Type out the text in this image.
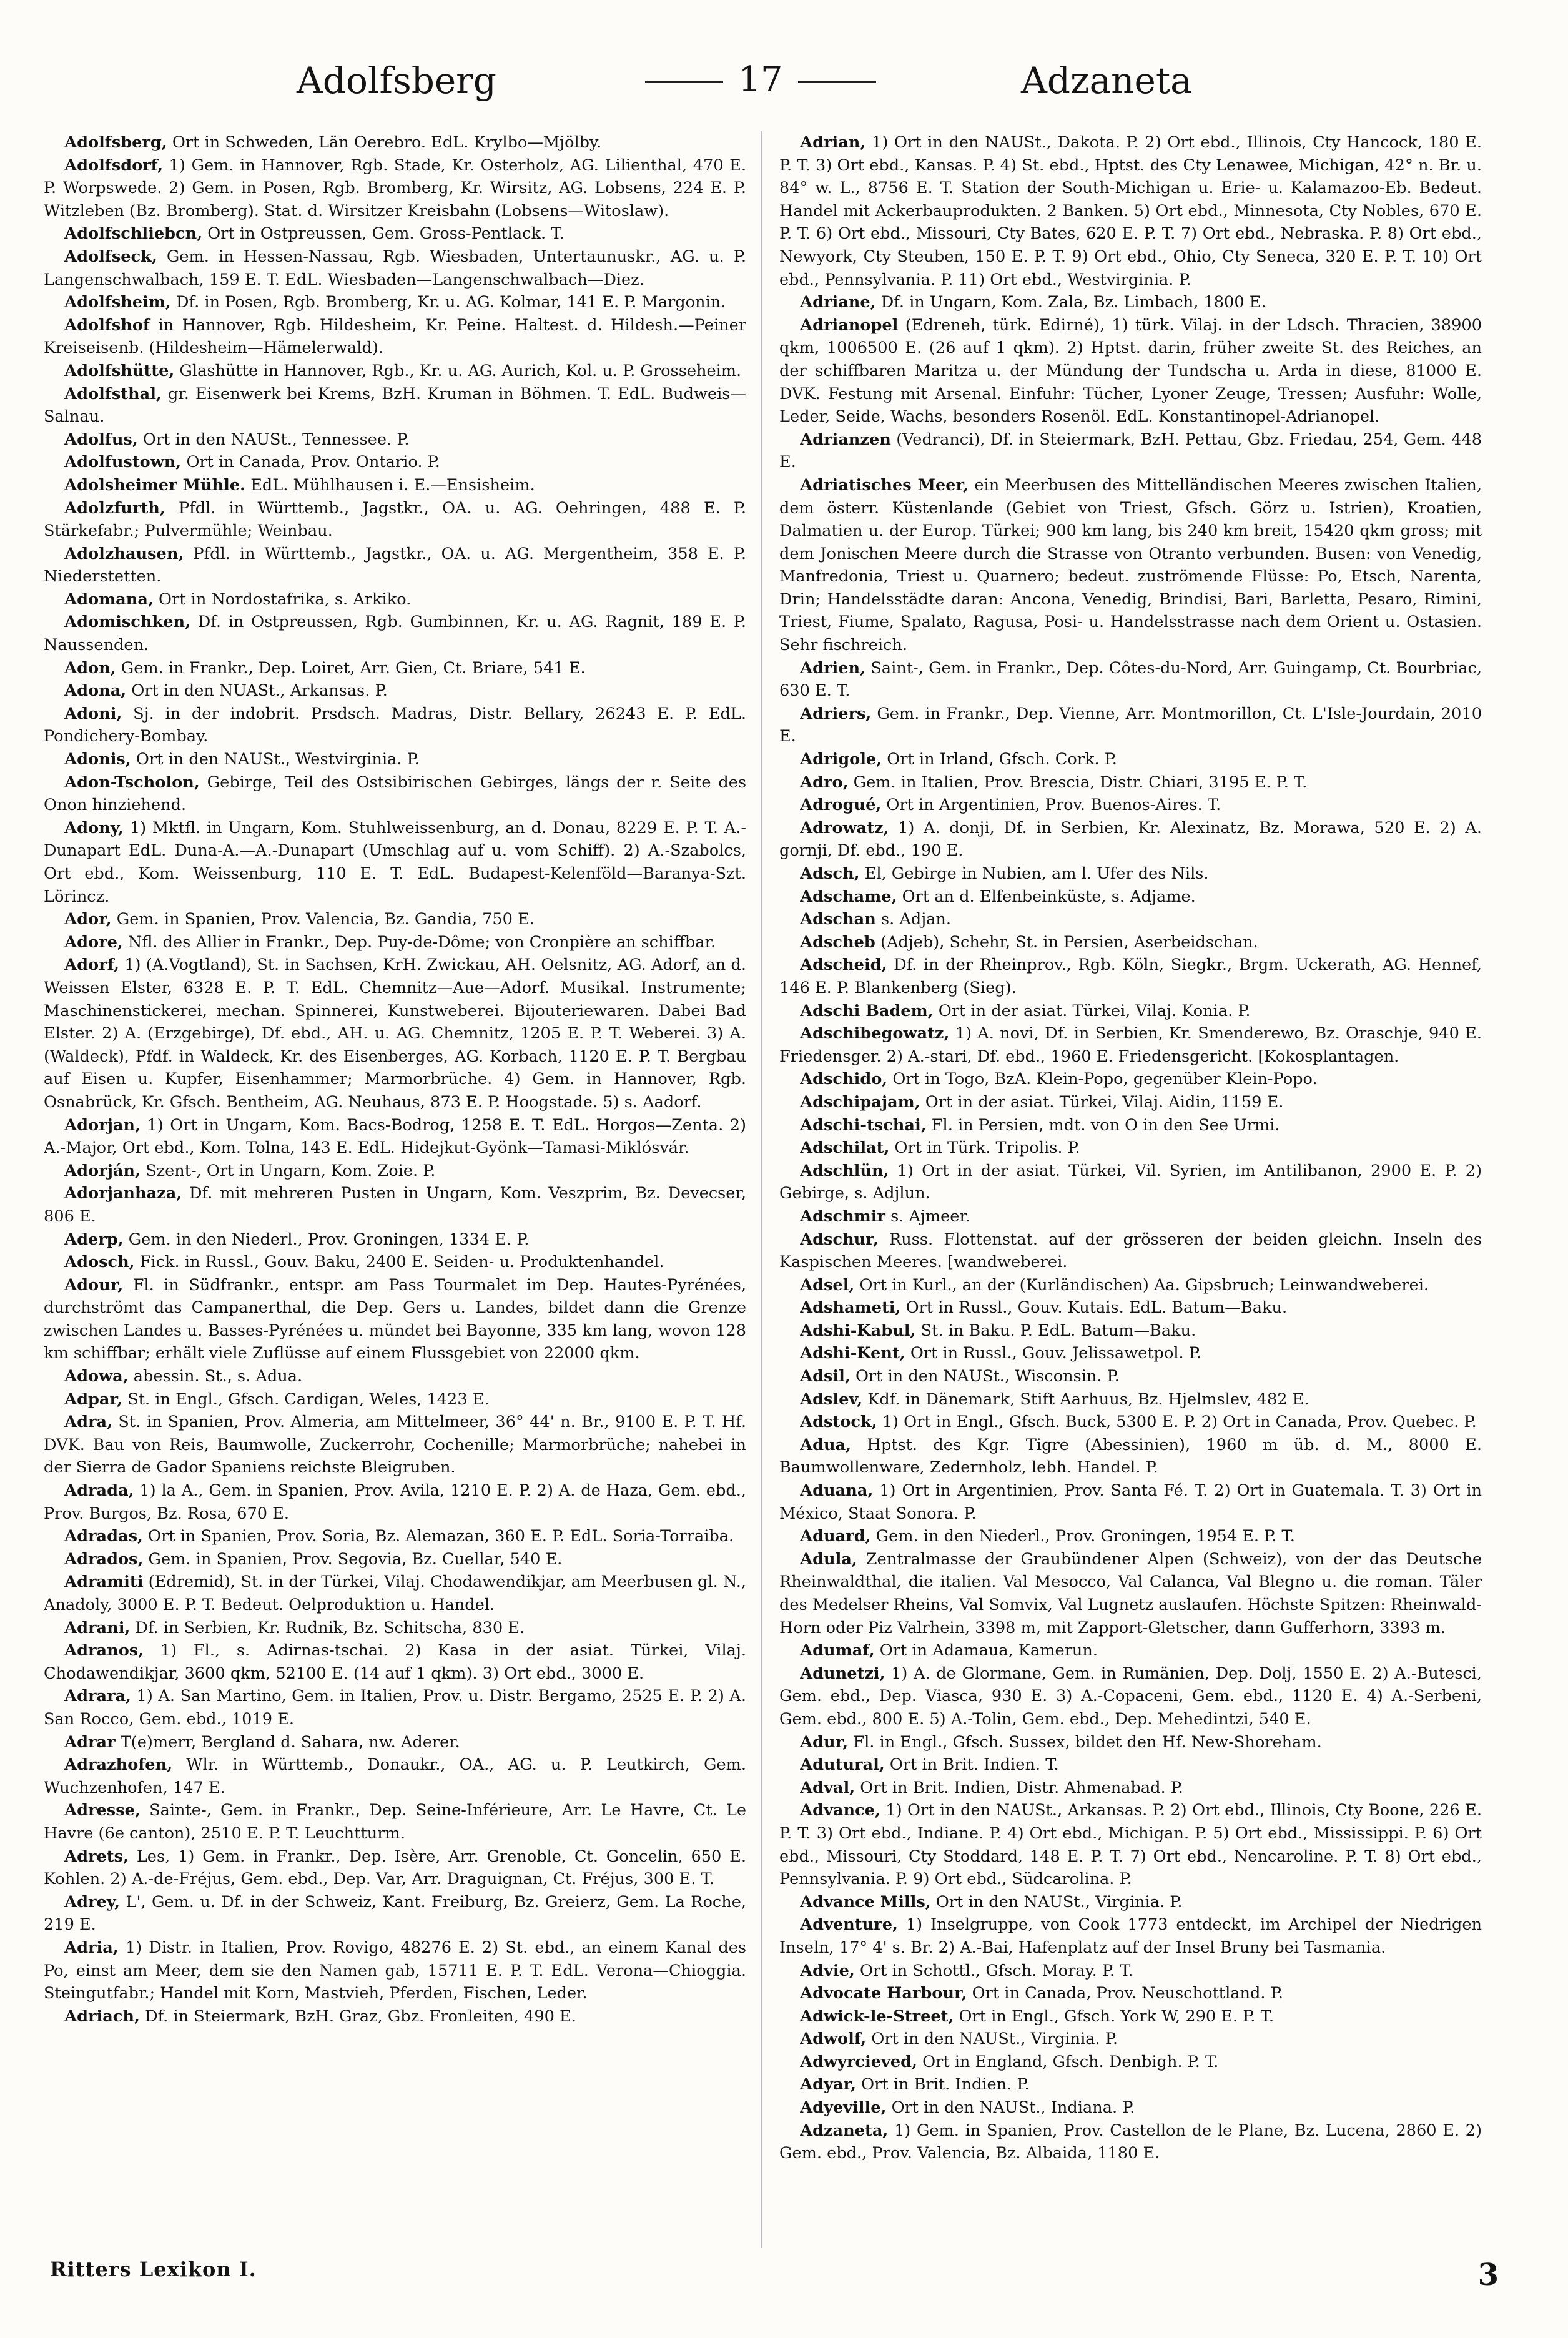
Adolfsberg	17	Adzaneta

Adolfsberg, Ort in Schweden, Län Oerebro. EdL. Krylbo—Mjölby.

Adolfsdorf, 1) Gem. in Hannover, Rgb. Stade, Kr. Osterholz, AG. Lilienthal, 470 E. P. Worpswede. 2) Gem. in Posen, Rgb. Bromberg, Kr. Wirsitz, AG. Lobsens, 224 E. P. Witzleben (Bz. Bromberg). Stat. d. Wirsitzer Kreisbahn (Lobsens—Witoslaw).

Adolfschliebcn, Ort in Ostpreussen, Gem. Gross-Pentlack. T.

Adolfseck, Gem. in Hessen-Nassau, Rgb. Wiesbaden, Untertaunuskr., AG. u. P. Langenschwalbach, 159 E. T. EdL. Wiesbaden—Langenschwalbach—Diez.

Adolfsheim, Df. in Posen, Rgb. Bromberg, Kr. u. AG. Kolmar, 141 E. P. Margonin.

Adolfshof in Hannover, Rgb. Hildesheim, Kr. Peine. Haltest. d. Hildesh.—Peiner Kreiseisenb. (Hildesheim—Hämelerwald).

Adolfshütte, Glashütte in Hannover, Rgb., Kr. u. AG. Aurich, Kol. u. P. Grosseheim.

Adolfsthal, gr. Eisenwerk bei Krems, BzH. Kruman in Böhmen. T. EdL. Budweis—Salnau.

Adolfus, Ort in den NAUSt., Tennessee. P.

Adolfustown, Ort in Canada, Prov. Ontario. P.

Adolsheimer Mühle. EdL. Mühlhausen i. E.—Ensisheim.

Adolzfurth, Pfdl. in Württemb., Jagstkr., OA. u. AG. Oehringen, 488 E. P. Stärkefabr.; Pulvermühle; Weinbau.

Adolzhausen, Pfdl. in Württemb., Jagstkr., OA. u. AG. Mergentheim, 358 E. P. Niederstetten.

Adomana, Ort in Nordostafrika, s. Arkiko.

Adomischken, Df. in Ostpreussen, Rgb. Gumbinnen, Kr. u. AG. Ragnit, 189 E. P. Naussenden.

Adon, Gem. in Frankr., Dep. Loiret, Arr. Gien, Ct. Briare, 541 E.

Adona, Ort in den NUASt., Arkansas. P.

Adoni, Sj. in der indobrit. Prsdsch. Madras, Distr. Bellary, 26243 E. P. EdL. Pondichery-Bombay.

Adonis, Ort in den NAUSt., Westvirginia. P.

Adon-Tscholon, Gebirge, Teil des Ostsibirischen Gebirges, längs der r. Seite des Onon hinziehend.

Adony, 1) Mktfl. in Ungarn, Kom. Stuhlweissenburg, an d. Donau, 8229 E. P. T. A.-Dunapart EdL. Duna-A.—A.-Dunapart (Umschlag auf u. vom Schiff). 2) A.-Szabolcs, Ort ebd., Kom. Weissenburg, 110 E. T. EdL. Budapest-Kelenföld—Baranya-Szt. Lörincz.

Ador, Gem. in Spanien, Prov. Valencia, Bz. Gandia, 750 E.

Adore, Nfl. des Allier in Frankr., Dep. Puy-de-Dôme; von Cronpière an schiffbar.

Adorf, 1) (A.Vogtland), St. in Sachsen, KrH. Zwickau, AH. Oelsnitz, AG. Adorf, an d. Weissen Elster, 6328 E. P. T. EdL. Chemnitz—Aue—Adorf. Musikal. Instrumente; Maschinenstickerei, mechan. Spinnerei, Kunstweberei. Bijouteriewaren. Dabei Bad Elster. 2) A. (Erzgebirge), Df. ebd., AH. u. AG. Chemnitz, 1205 E. P. T. Weberei. 3) A. (Waldeck), Pfdf. in Waldeck, Kr. des Eisenberges, AG. Korbach, 1120 E. P. T. Bergbau auf Eisen u. Kupfer, Eisenhammer; Marmorbrüche. 4) Gem. in Hannover, Rgb. Osnabrück, Kr. Gfsch. Bentheim, AG. Neuhaus, 873 E. P. Hoogstade. 5) s. Aadorf.

Adorjan, 1) Ort in Ungarn, Kom. Bacs-Bodrog, 1258 E. T. EdL. Horgos—Zenta. 2) A.-Major, Ort ebd., Kom. Tolna, 143 E. EdL. Hidejkut-Gyönk—Tamasi-Miklósvár.

Adorján, Szent-, Ort in Ungarn, Kom. Zoie. P.

Adorjanhaza, Df. mit mehreren Pusten in Ungarn, Kom. Veszprim, Bz. Devecser, 806 E.

Aderp, Gem. in den Niederl., Prov. Groningen, 1334 E. P.

Adosch, Fick. in Russl., Gouv. Baku, 2400 E. Seiden- u. Produktenhandel.

Adour, Fl. in Südfrankr., entspr. am Pass Tourmalet im Dep. Hautes-Pyrénées, durchströmt das Campanerthal, die Dep. Gers u. Landes, bildet dann die Grenze zwischen Landes u. Basses-Pyrénées u. mündet bei Bayonne, 335 km lang, wovon 128 km schiffbar; erhält viele Zuflüsse auf einem Flussgebiet von 22000 qkm.

Adowa, abessin. St., s. Adua.

Adpar, St. in Engl., Gfsch. Cardigan, Weles, 1423 E.

Adra, St. in Spanien, Prov. Almeria, am Mittelmeer, 36° 44' n. Br., 9100 E. P. T. Hf. DVK. Bau von Reis, Baumwolle, Zuckerrohr, Cochenille; Marmorbrüche; nahebei in der Sierra de Gador Spaniens reichste Bleigruben.

Adrada, 1) la A., Gem. in Spanien, Prov. Avila, 1210 E. P. 2) A. de Haza, Gem. ebd., Prov. Burgos, Bz. Rosa, 670 E.

Adradas, Ort in Spanien, Prov. Soria, Bz. Alemazan, 360 E. P. EdL. Soria-Torraiba.

Adrados, Gem. in Spanien, Prov. Segovia, Bz. Cuellar, 540 E.

Adramiti (Edremid), St. in der Türkei, Vilaj. Chodawendikjar, am Meerbusen gl. N., Anadoly, 3000 E. P. T. Bedeut. Oelproduktion u. Handel.

Adrani, Df. in Serbien, Kr. Rudnik, Bz. Schitscha, 830 E.

Adranos, 1) Fl., s. Adirnas-tschai. 2) Kasa in der asiat. Türkei, Vilaj. Chodawendikjar, 3600 qkm, 52100 E. (14 auf 1 qkm). 3) Ort ebd., 3000 E.

Adrara, 1) A. San Martino, Gem. in Italien, Prov. u. Distr. Bergamo, 2525 E. P. 2) A. San Rocco, Gem. ebd., 1019 E.

Adrar T(e)merr, Bergland d. Sahara, nw. Aderer.

Adrazhofen, Wlr. in Württemb., Donaukr., OA., AG. u. P. Leutkirch, Gem. Wuchzenhofen, 147 E.

Adresse, Sainte-, Gem. in Frankr., Dep. Seine-Inférieure, Arr. Le Havre, Ct. Le Havre (6e canton), 2510 E. P. T. Leuchtturm.

Adrets, Les, 1) Gem. in Frankr., Dep. Isère, Arr. Grenoble, Ct. Goncelin, 650 E. Kohlen. 2) A.-de-Fréjus, Gem. ebd., Dep. Var, Arr. Draguignan, Ct. Fréjus, 300 E. T.

Adrey, L', Gem. u. Df. in der Schweiz, Kant. Freiburg, Bz. Greierz, Gem. La Roche, 219 E.

Adria, 1) Distr. in Italien, Prov. Rovigo, 48276 E. 2) St. ebd., an einem Kanal des Po, einst am Meer, dem sie den Namen gab, 15711 E. P. T. EdL. Verona—Chioggia. Steingutfabr.; Handel mit Korn, Mastvieh, Pferden, Fischen, Leder.

Adriach, Df. in Steiermark, BzH. Graz, Gbz. Fronleiten, 490 E.

Adrian, 1) Ort in den NAUSt., Dakota. P. 2) Ort ebd., Illinois, Cty Hancock, 180 E. P. T. 3) Ort ebd., Kansas. P. 4) St. ebd., Hptst. des Cty Lenawee, Michigan, 42° n. Br. u. 84° w. L., 8756 E. T. Station der South-Michigan u. Erie- u. Kalamazoo-Eb. Bedeut. Handel mit Ackerbauprodukten. 2 Banken. 5) Ort ebd., Minnesota, Cty Nobles, 670 E. P. T. 6) Ort ebd., Missouri, Cty Bates, 620 E. P. T. 7) Ort ebd., Nebraska. P. 8) Ort ebd., Newyork, Cty Steuben, 150 E. P. T. 9) Ort ebd., Ohio, Cty Seneca, 320 E. P. T. 10) Ort ebd., Pennsylvania. P. 11) Ort ebd., Westvirginia. P.

Adriane, Df. in Ungarn, Kom. Zala, Bz. Limbach, 1800 E.

Adrianopel (Edreneh, türk. Edirné), 1) türk. Vilaj. in der Ldsch. Thracien, 38900 qkm, 1006500 E. (26 auf 1 qkm). 2) Hptst. darin, früher zweite St. des Reiches, an der schiffbaren Maritza u. der Mündung der Tundscha u. Arda in diese, 81000 E. DVK. Festung mit Arsenal. Einfuhr: Tücher, Lyoner Zeuge, Tressen; Ausfuhr: Wolle, Leder, Seide, Wachs, besonders Rosenöl. EdL. Konstantinopel-Adrianopel.

Adrianzen (Vedranci), Df. in Steiermark, BzH. Pettau, Gbz. Friedau, 254, Gem. 448 E.

Adriatisches Meer, ein Meerbusen des Mittelländischen Meeres zwischen Italien, dem österr. Küstenlande (Gebiet von Triest, Gfsch. Görz u. Istrien), Kroatien, Dalmatien u. der Europ. Türkei; 900 km lang, bis 240 km breit, 15420 qkm gross; mit dem Jonischen Meere durch die Strasse von Otranto verbunden. Busen: von Venedig, Manfredonia, Triest u. Quarnero; bedeut. zuströmende Flüsse: Po, Etsch, Narenta, Drin; Handelsstädte daran: Ancona, Venedig, Brindisi, Bari, Barletta, Pesaro, Rimini, Triest, Fiume, Spalato, Ragusa, Posi- u. Handelsstrasse nach dem Orient u. Ostasien. Sehr fischreich.

Adrien, Saint-, Gem. in Frankr., Dep. Côtes-du-Nord, Arr. Guingamp, Ct. Bourbriac, 630 E. T.

Adriers, Gem. in Frankr., Dep. Vienne, Arr. Montmorillon, Ct. L'Isle-Jourdain, 2010 E.

Adrigole, Ort in Irland, Gfsch. Cork. P.

Adro, Gem. in Italien, Prov. Brescia, Distr. Chiari, 3195 E. P. T.

Adrogué, Ort in Argentinien, Prov. Buenos-Aires. T.

Adrowatz, 1) A. donji, Df. in Serbien, Kr. Alexinatz, Bz. Morawa, 520 E. 2) A. gornji, Df. ebd., 190 E.

Adsch, El, Gebirge in Nubien, am l. Ufer des Nils.

Adschame, Ort an d. Elfenbeinküste, s. Adjame.

Adschan s. Adjan.

Adscheb (Adjeb), Schehr, St. in Persien, Aserbeidschan.

Adscheid, Df. in der Rheinprov., Rgb. Köln, Siegkr., Brgm. Uckerath, AG. Hennef, 146 E. P. Blankenberg (Sieg).

Adschi Badem, Ort in der asiat. Türkei, Vilaj. Konia. P.

Adschibegowatz, 1) A. novi, Df. in Serbien, Kr. Smenderewo, Bz. Oraschje, 940 E. Friedensger. 2) A.-stari, Df. ebd., 1960 E. Friedensgericht. [Kokosplantagen.

Adschido, Ort in Togo, BzA. Klein-Popo, gegenüber Klein-Popo.

Adschipajam, Ort in der asiat. Türkei, Vilaj. Aidin, 1159 E.

Adschi-tschai, Fl. in Persien, mdt. von O in den See Urmi.

Adschilat, Ort in Türk. Tripolis. P.

Adschlün, 1) Ort in der asiat. Türkei, Vil. Syrien, im Antilibanon, 2900 E. P. 2) Gebirge, s. Adjlun.

Adschmir s. Ajmeer.

Adschur, Russ. Flottenstat. auf der grösseren der beiden gleichn. Inseln des Kaspischen Meeres. [wandweberei.

Adsel, Ort in Kurl., an der (Kurländischen) Aa. Gipsbruch; Leinwandweberei.

Adshameti, Ort in Russl., Gouv. Kutais. EdL. Batum—Baku.

Adshi-Kabul, St. in Baku. P. EdL. Batum—Baku.

Adshi-Kent, Ort in Russl., Gouv. Jelissawetpol. P.

Adsil, Ort in den NAUSt., Wisconsin. P.

Adslev, Kdf. in Dänemark, Stift Aarhuus, Bz. Hjelmslev, 482 E.

Adstock, 1) Ort in Engl., Gfsch. Buck, 5300 E. P. 2) Ort in Canada, Prov. Quebec. P.

Adua, Hptst. des Kgr. Tigre (Abessinien), 1960 m üb. d. M., 8000 E. Baumwollenware, Zedernholz, lebh. Handel. P.

Aduana, 1) Ort in Argentinien, Prov. Santa Fé. T. 2) Ort in Guatemala. T. 3) Ort in México, Staat Sonora. P.

Aduard, Gem. in den Niederl., Prov. Groningen, 1954 E. P. T.

Adula, Zentralmasse der Graubündener Alpen (Schweiz), von der das Deutsche Rheinwaldthal, die italien. Val Mesocco, Val Calanca, Val Blegno u. die roman. Täler des Medelser Rheins, Val Somvix, Val Lugnetz auslaufen. Höchste Spitzen: Rheinwald-Horn oder Piz Valrhein, 3398 m, mit Zapport-Gletscher, dann Gufferhorn, 3393 m.

Adumaf, Ort in Adamaua, Kamerun.

Adunetzi, 1) A. de Glormane, Gem. in Rumänien, Dep. Dolj, 1550 E. 2) A.-Butesci, Gem. ebd., Dep. Viasca, 930 E. 3) A.-Copaceni, Gem. ebd., 1120 E. 4) A.-Serbeni, Gem. ebd., 800 E. 5) A.-Tolin, Gem. ebd., Dep. Mehedintzi, 540 E.

Adur, Fl. in Engl., Gfsch. Sussex, bildet den Hf. New-Shoreham.

Adutural, Ort in Brit. Indien. T.

Adval, Ort in Brit. Indien, Distr. Ahmenabad. P.

Advance, 1) Ort in den NAUSt., Arkansas. P. 2) Ort ebd., Illinois, Cty Boone, 226 E. P. T. 3) Ort ebd., Indiane. P. 4) Ort ebd., Michigan. P. 5) Ort ebd., Mississippi. P. 6) Ort ebd., Missouri, Cty Stoddard, 148 E. P. T. 7) Ort ebd., Nencaroline. P. T. 8) Ort ebd., Pennsylvania. P. 9) Ort ebd., Südcarolina. P.

Advance Mills, Ort in den NAUSt., Virginia. P.

Adventure, 1) Inselgruppe, von Cook 1773 entdeckt, im Archipel der Niedrigen Inseln, 17° 4' s. Br. 2) A.-Bai, Hafenplatz auf der Insel Bruny bei Tasmania.

Advie, Ort in Schottl., Gfsch. Moray. P. T.

Advocate Harbour, Ort in Canada, Prov. Neuschottland. P.

Adwick-le-Street, Ort in Engl., Gfsch. York W, 290 E. P. T.

Adwolf, Ort in den NAUSt., Virginia. P.

Adwyrcieved, Ort in England, Gfsch. Denbigh. P. T.

Adyar, Ort in Brit. Indien. P.

Adyeville, Ort in den NAUSt., Indiana. P.

Adzaneta, 1) Gem. in Spanien, Prov. Castellon de le Plane, Bz. Lucena, 2860 E. 2) Gem. ebd., Prov. Valencia, Bz. Albaida, 1180 E.

Ritters Lexikon I.	3
